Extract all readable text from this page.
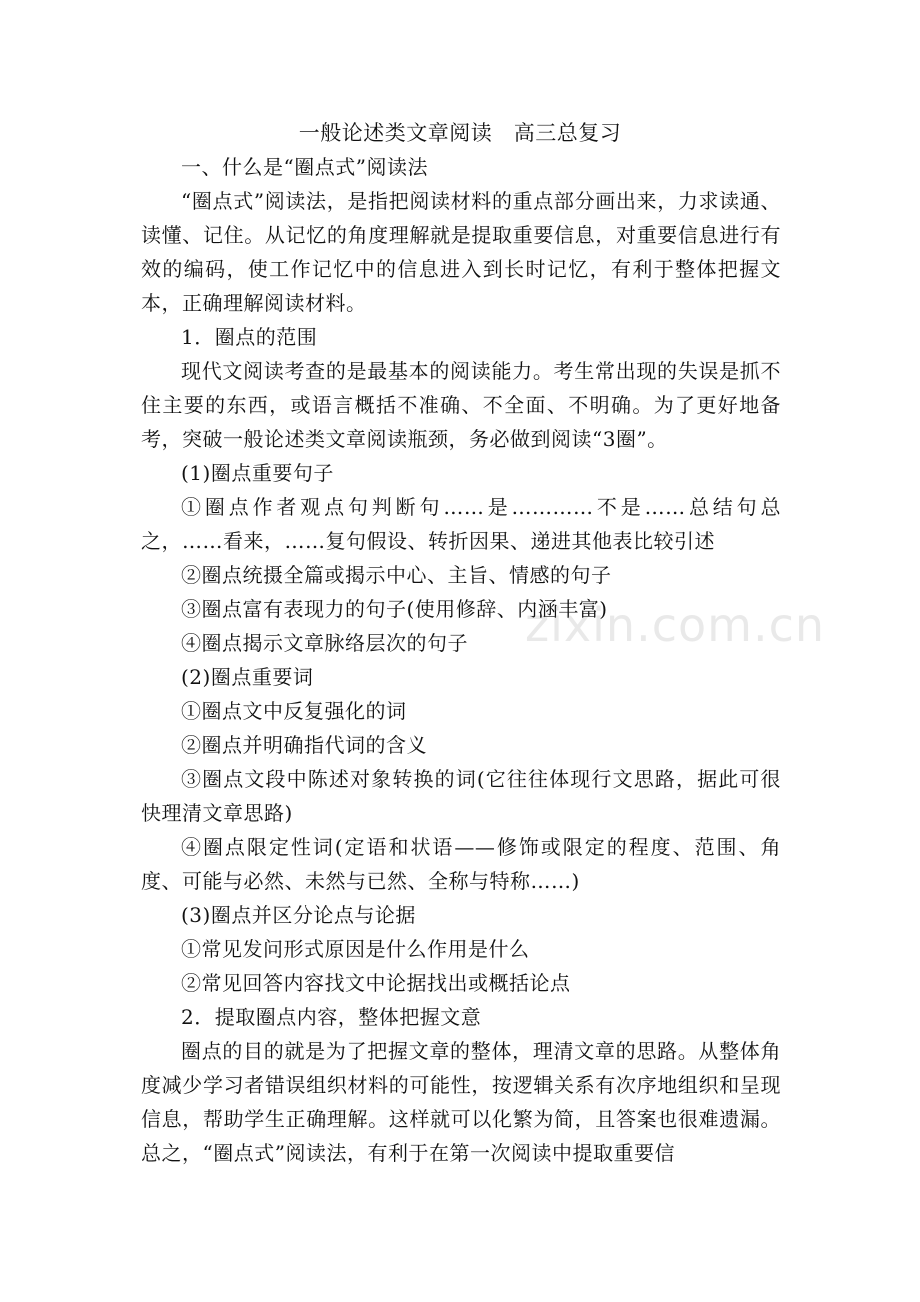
一般论述类文章阅读　高三总复习

一、什么是“圈点式”阅读法

“圈点式”阅读法，是指把阅读材料的重点部分画出来，力求读通、读懂、记住。从记忆的角度理解就是提取重要信息，对重要信息进行有效的编码，使工作记忆中的信息进入到长时记忆，有利于整体把握文本，正确理解阅读材料。

1．圈点的范围

现代文阅读考查的是最基本的阅读能力。考生常出现的失误是抓不住主要的东西，或语言概括不准确、不全面、不明确。为了更好地备考，突破一般论述类文章阅读瓶颈，务必做到阅读“3圈”。

(1)圈点重要句子

①圈点作者观点句判断句……是…………不是……总结句总之，……看来，……复句假设、转折因果、递进其他表比较引述

②圈点统摄全篇或揭示中心、主旨、情感的句子

③圈点富有表现力的句子(使用修辞、内涵丰富)

④圈点揭示文章脉络层次的句子

(2)圈点重要词

①圈点文中反复强化的词

②圈点并明确指代词的含义

③圈点文段中陈述对象转换的词(它往往体现行文思路，据此可很快理清文章思路)

④圈点限定性词(定语和状语——修饰或限定的程度、范围、角度、可能与必然、未然与已然、全称与特称……)

(3)圈点并区分论点与论据

①常见发问形式原因是什么作用是什么

②常见回答内容找文中论据找出或概括论点

2．提取圈点内容，整体把握文意

圈点的目的就是为了把握文章的整体，理清文章的思路。从整体角度减少学习者错误组织材料的可能性，按逻辑关系有次序地组织和呈现信息，帮助学生正确理解。这样就可以化繁为简，且答案也很难遗漏。总之，“圈点式”阅读法，有利于在第一次阅读中提取重要信

zixin.com.cn
